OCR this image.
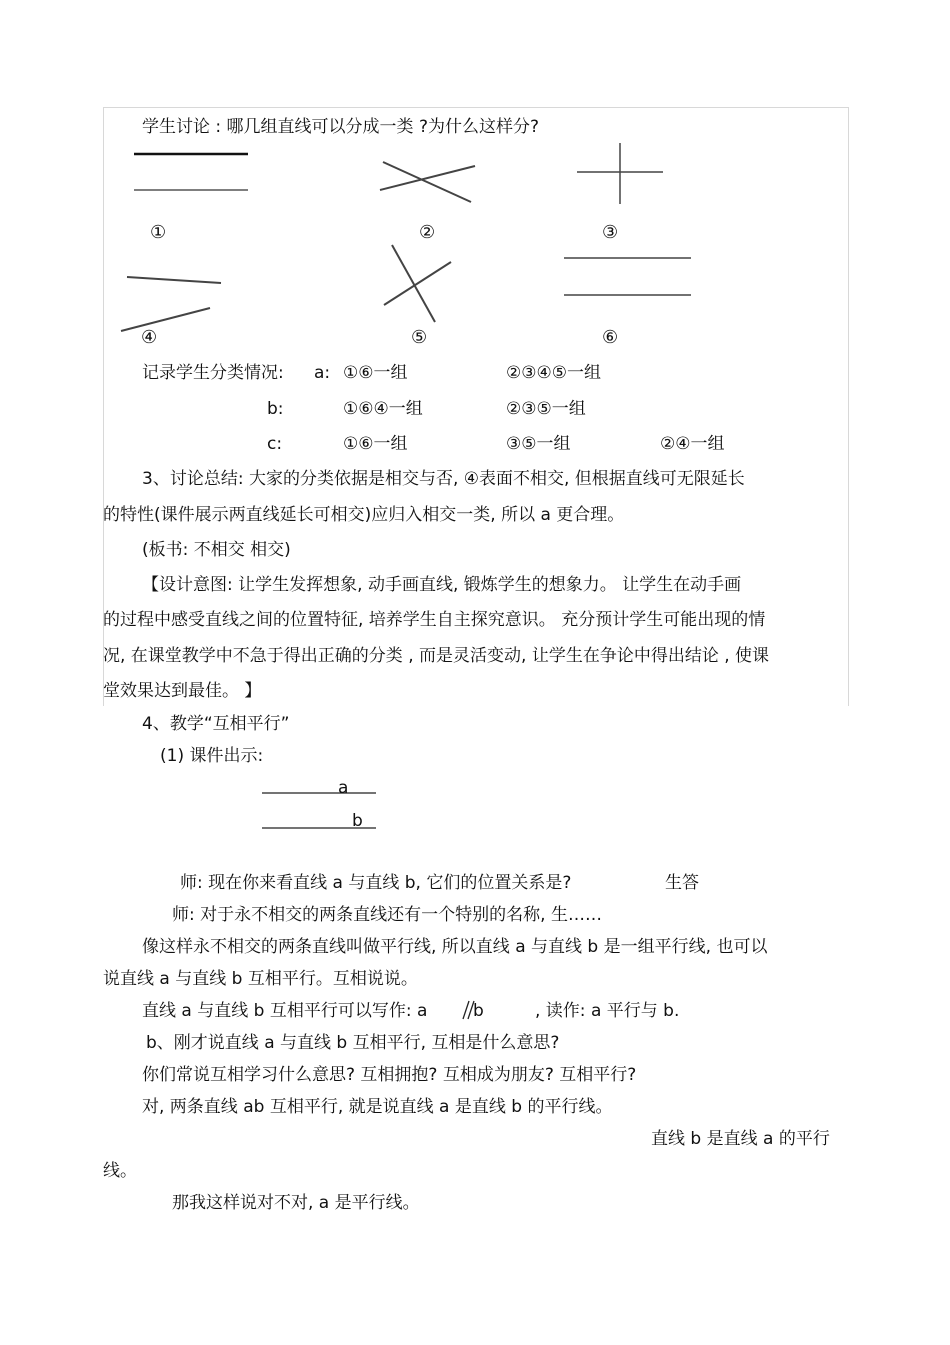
学生讨论 : 哪几组直线可以分成一类 ?为什么这样分?
①	②	③
④	⑤	⑥
记录学生分类情况: a: ①⑥一组	②③④⑤一组
b:	①⑥④一组	②③⑤一组
c:	①⑥一组	③⑤一组	②④一组
3、讨论总结: 大家的分类依据是相交与否, ④表面不相交, 但根据直线可无限延长
的特性(课件展示两直线延长可相交)应归入相交一类, 所以 a 更合理。
(板书: 不相交 相交)
【设计意图: 让学生发挥想象, 动手画直线, 锻炼学生的想象力。 让学生在动手画
的过程中感受直线之间的位置特征, 培养学生自主探究意识。 充分预计学生可能出现的情
况, 在课堂教学中不急于得出正确的分类 , 而是灵活变动, 让学生在争论中得出结论 , 使课
堂效果达到最佳。 】
4、教学“互相平行”
(1) 课件出示:
a
b
师: 现在你来看直线 a 与直线 b, 它们的位置关系是?	生答
师: 对于永不相交的两条直线还有一个特别的名称, 生……
像这样永不相交的两条直线叫做平行线, 所以直线 a 与直线 b 是一组平行线, 也可以
说直线 a 与直线 b 互相平行。互相说说。
直线 a 与直线 b 互相平行可以写作: a	b	, 读作: a 平行与 b.
b、刚才说直线 a 与直线 b 互相平行, 互相是什么意思?
你们常说互相学习什么意思? 互相拥抱? 互相成为朋友? 互相平行?
对, 两条直线 ab 互相平行, 就是说直线 a 是直线 b 的平行线。
直线 b 是直线 a 的平行
线。
那我这样说对不对, a 是平行线。
